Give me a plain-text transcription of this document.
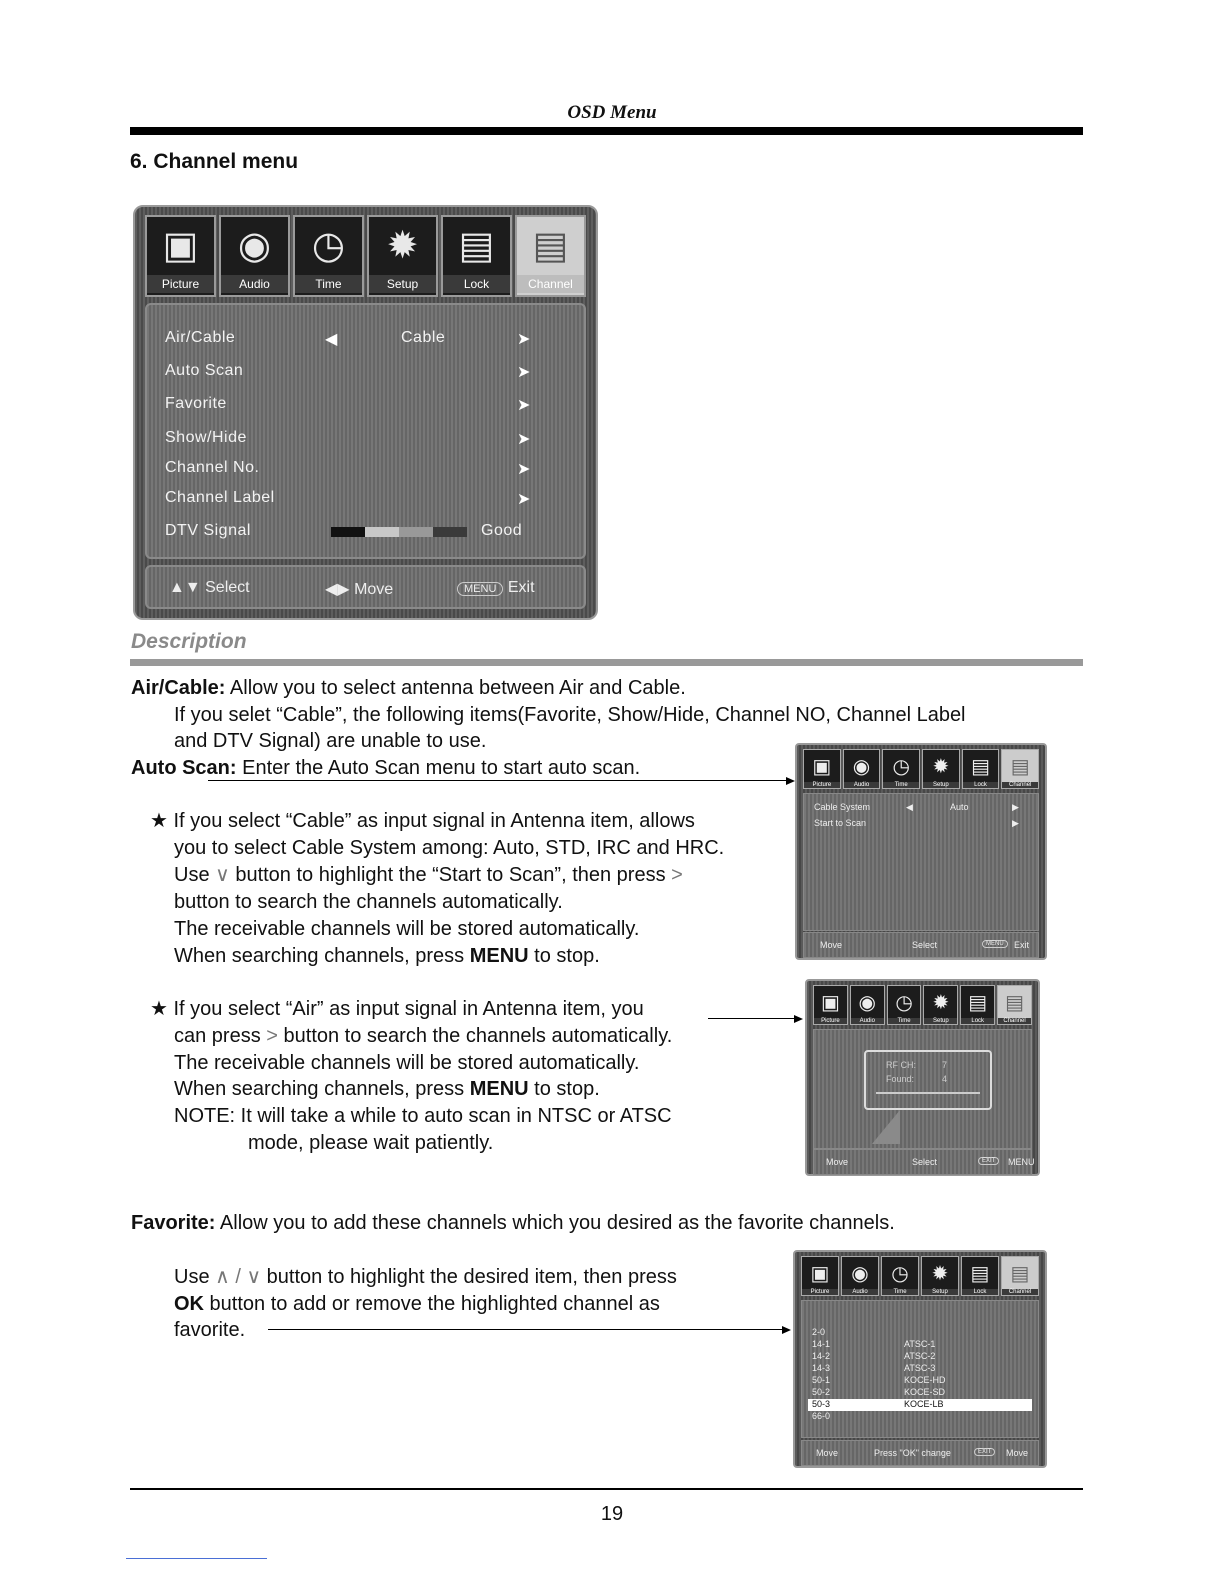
OSD Menu
6. Channel menu
▣
Picture
◉
Audio
◷
Time
✹
Setup
▤
Lock
▤
Channel
Air/Cable	◀	Cable	➤
Auto Scan	➤
Favorite	➤
Show/Hide	➤
Channel No.	➤
Channel Label	➤
DTV Signal	Good
▲▼ Select	◀▶ Move	MENU Exit
Description
Air/Cable: Allow you to select antenna between Air and Cable.
If you selet “Cable”, the following items(Favorite, Show/Hide, Channel NO, Channel Label
and DTV Signal) are unable to use.
Auto Scan: Enter the Auto Scan menu to start auto scan.
★ If you select “Cable” as input signal in Antenna item, allows
you to select Cable System among: Auto, STD, IRC and HRC.
Use ∨ button to highlight the “Start to Scan”, then press >
button to search the channels automatically.
The receivable channels will be stored automatically.
When searching channels, press MENU to stop.
★ If you select “Air” as input signal in Antenna item, you
can press > button to search the channels automatically.
The receivable channels will be stored automatically.
When searching channels, press MENU to stop.
NOTE: It will take a while to auto scan in NTSC or ATSC
mode, please wait patiently.
Favorite: Allow you to add these channels which you desired as the favorite channels.
Use ∧ / ∨ button to highlight the desired item, then press
OK button to add or remove the highlighted channel as
favorite.
▣
Picture
◉
Audio
◷
Time
✹
Setup
▤
Lock
▤
Channel
Cable System	◀	Auto	▶
Start to Scan	▶
Move	Select	MENU	Exit
▣
Picture
◉
Audio
◷
Time
✹
Setup
▤
Lock
▤
Channel
RF CH:	7
Found:	4
Move	Select	EXIT	MENU
▣
Picture
◉
Audio
◷
Time
✹
Setup
▤
Lock
▤
Channel
2-0
14-1	ATSC-1
14-2	ATSC-2
14-3	ATSC-3
50-1	KOCE-HD
50-2	KOCE-SD
50-3	KOCE-LB
66-0
Move	Press "OK" change	EXIT	Move
19
